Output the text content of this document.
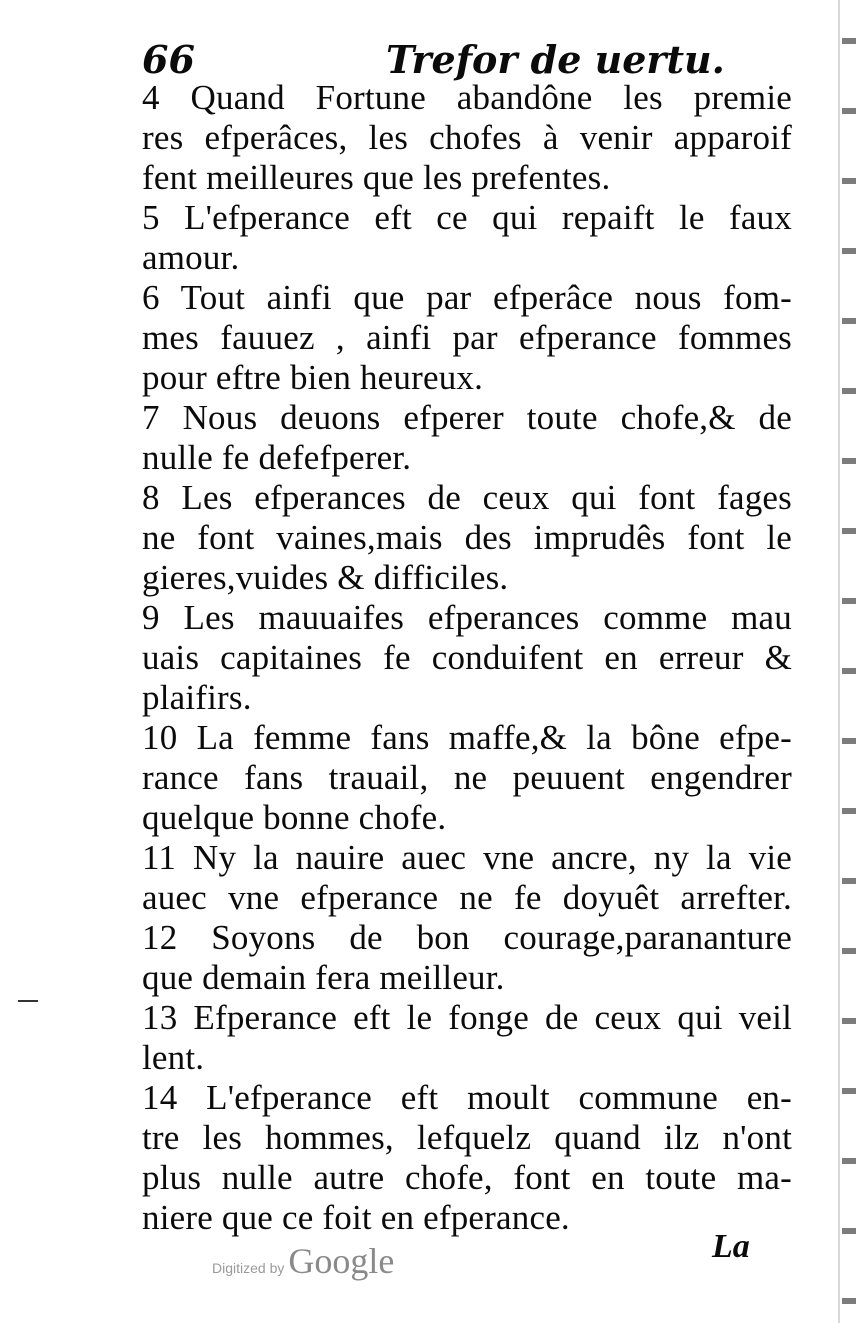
66	Trefor de uertu.
4 Quand Fortune abandône les premie
res efperâces, les chofes à venir apparoif
fent meilleures que les prefentes.
5 L'efperance eft ce qui repaift le faux
amour.
6 Tout ainfi que par efperâce nous fom-
mes fauuez , ainfi par efperance fommes
pour eftre bien heureux.
7 Nous deuons efperer toute chofe,& de
nulle fe defefperer.
8 Les efperances de ceux qui font fages
ne font vaines,mais des imprudês font le
gieres,vuides & difficiles.
9 Les mauuaifes efperances comme mau
uais capitaines fe conduifent en erreur &
plaifirs.
10 La femme fans maffe,& la bône efpe-
rance fans trauail, ne peuuent engendrer
quelque bonne chofe.
11 Ny la nauire auec vne ancre, ny la vie
auec vne efperance ne fe doyuêt arrefter.
12 Soyons de bon courage,parananture
que demain fera meilleur.
13 Efperance eft le fonge de ceux qui veil
lent.
14 L'efperance eft moult commune en-
tre les hommes, lefquelz quand ilz n'ont
plus nulle autre chofe, font en toute ma-
niere que ce foit en efperance.
Digitized by Google	La
